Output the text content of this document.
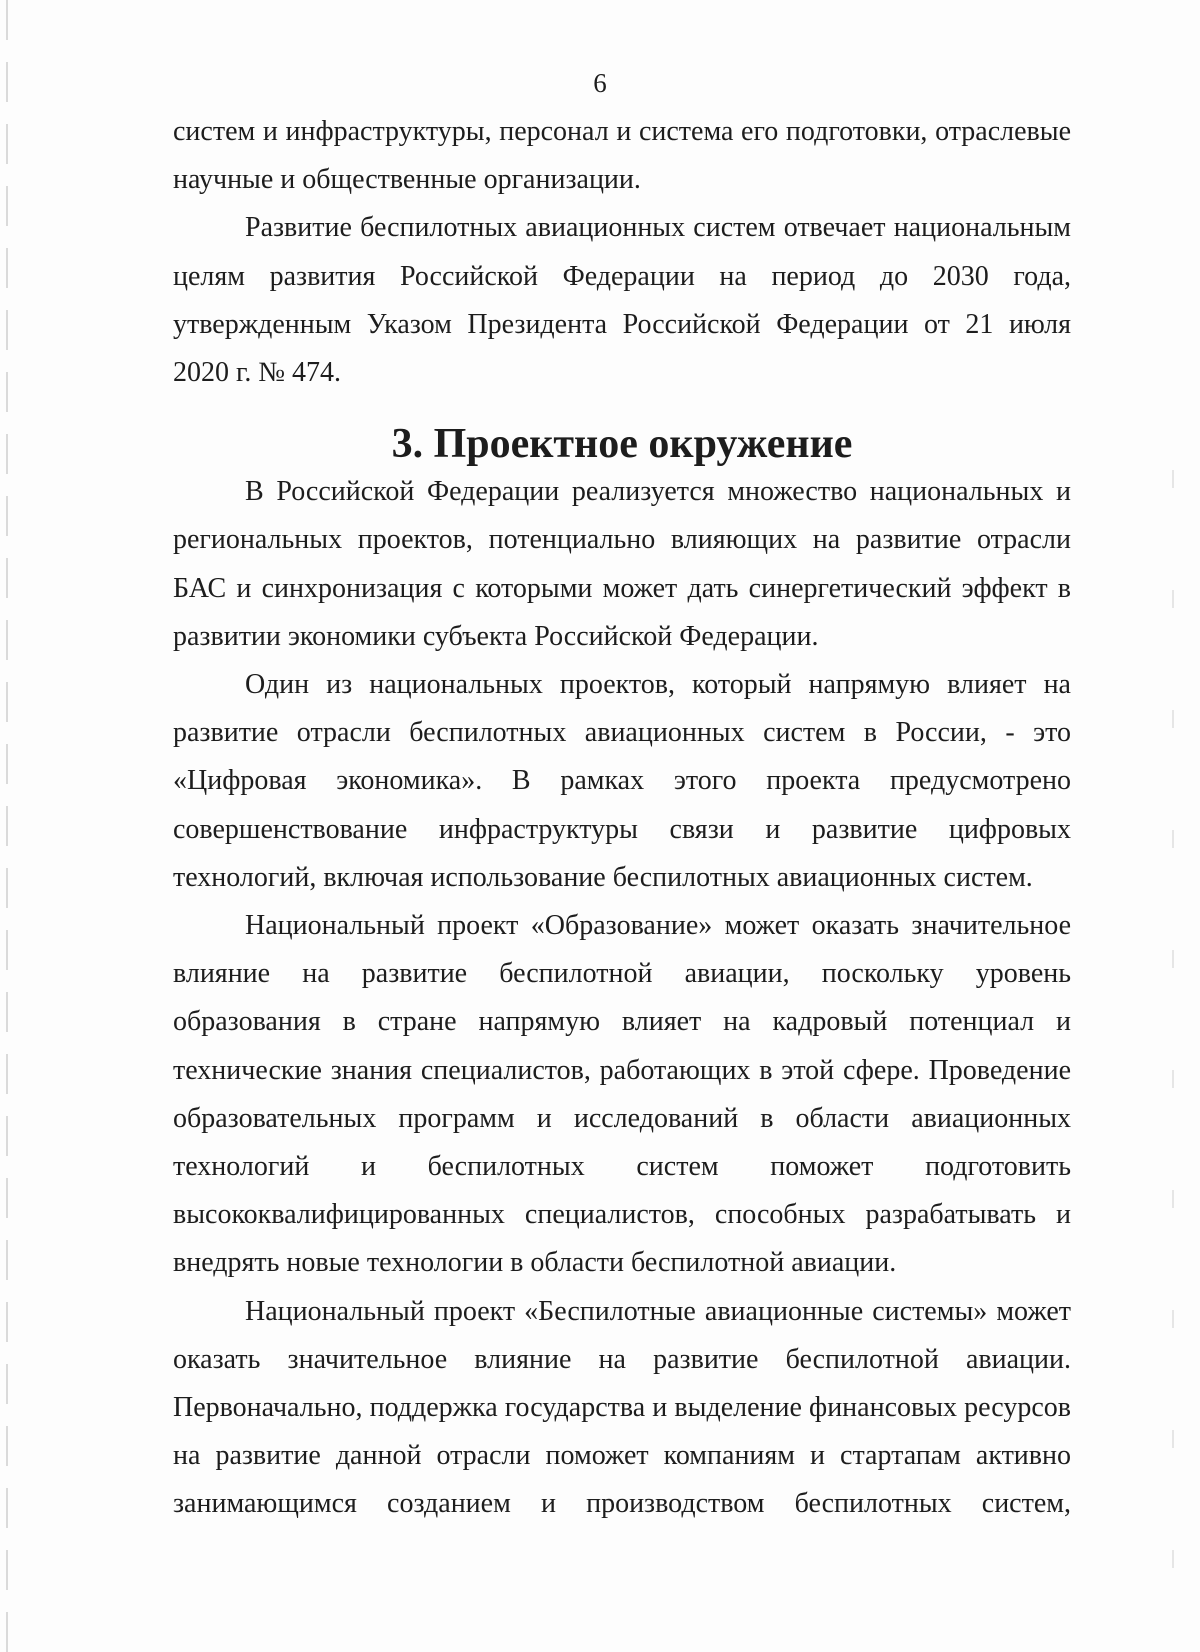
6

систем и инфраструктуры, персонал и система его подготовки, отраслевые научные и общественные организации.

Развитие беспилотных авиационных систем отвечает национальным целям развития Российской Федерации на период до 2030 года, утвержденным Указом Президента Российской Федерации от 21 июля 2020 г. № 474.

3. Проектное окружение

В Российской Федерации реализуется множество национальных и региональных проектов, потенциально влияющих на развитие отрасли БАС и синхронизация с которыми может дать синергетический эффект в развитии экономики субъекта Российской Федерации.

Один из национальных проектов, который напрямую влияет на развитие отрасли беспилотных авиационных систем в России, - это «Цифровая экономика». В рамках этого проекта предусмотрено совершенствование инфраструктуры связи и развитие цифровых технологий, включая использование беспилотных авиационных систем.

Национальный проект «Образование» может оказать значительное влияние на развитие беспилотной авиации, поскольку уровень образования в стране напрямую влияет на кадровый потенциал и технические знания специалистов, работающих в этой сфере. Проведение образовательных программ и исследований в области авиационных технологий и беспилотных систем поможет подготовить высококвалифицированных специалистов, способных разрабатывать и внедрять новые технологии в области беспилотной авиации.

Национальный проект «Беспилотные авиационные системы» может оказать значительное влияние на развитие беспилотной авиации. Первоначально, поддержка государства и выделение финансовых ресурсов на развитие данной отрасли поможет компаниям и стартапам активно занимающимся созданием и производством беспилотных систем,
